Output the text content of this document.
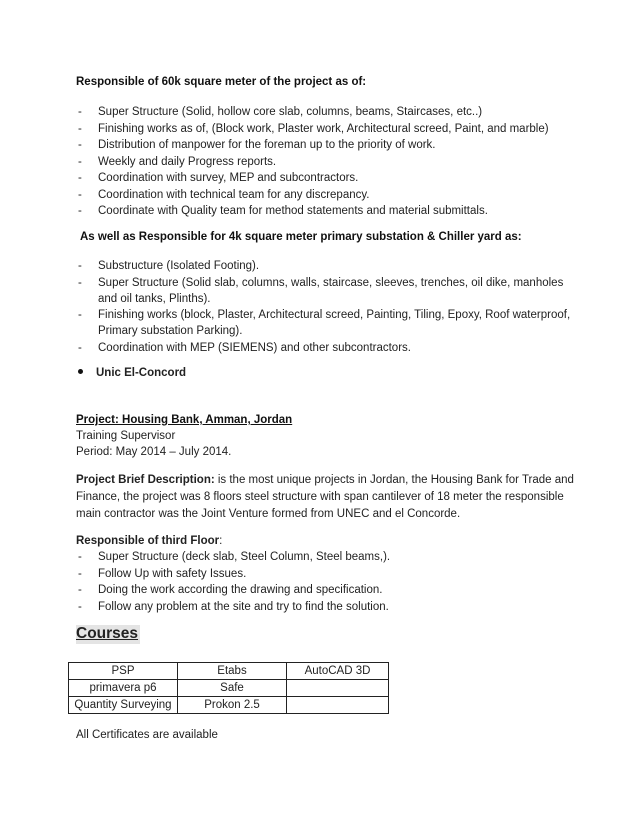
Responsible of 60k square meter of the project as of:
- Super Structure (Solid, hollow core slab, columns, beams, Staircases, etc..)
- Finishing works as of, (Block work, Plaster work, Architectural screed, Paint, and marble)
- Distribution of manpower for the foreman up to the priority of work.
- Weekly and daily Progress reports.
- Coordination with survey, MEP and subcontractors.
- Coordination with technical team for any discrepancy.
- Coordinate with Quality team for method statements and material submittals.
As well as Responsible for 4k square meter primary substation & Chiller yard as:
- Substructure (Isolated Footing).
- Super Structure (Solid slab, columns, walls, staircase, sleeves, trenches, oil dike, manholes and oil tanks, Plinths).
- Finishing works (block, Plaster, Architectural screed, Painting, Tiling, Epoxy, Roof waterproof, Primary substation Parking).
- Coordination with MEP (SIEMENS) and other subcontractors.
Unic El-Concord
Project: Housing Bank, Amman, Jordan
Training Supervisor
Period: May 2014 – July 2014.
Project Brief Description: is the most unique projects in Jordan, the Housing Bank for Trade and Finance, the project was 8 floors steel structure with span cantilever of 18 meter the responsible main contractor was the Joint Venture formed from UNEC and el Concorde.
Responsible of third Floor:
- Super Structure (deck slab, Steel Column, Steel beams,).
- Follow Up with safety Issues.
- Doing the work according the drawing and specification.
- Follow any problem at the site and try to find the solution.
Courses
PSP	Etabs	AutoCAD 3D
primavera p6	Safe	
Quantity Surveying	Prokon 2.5	
All Certificates are available
